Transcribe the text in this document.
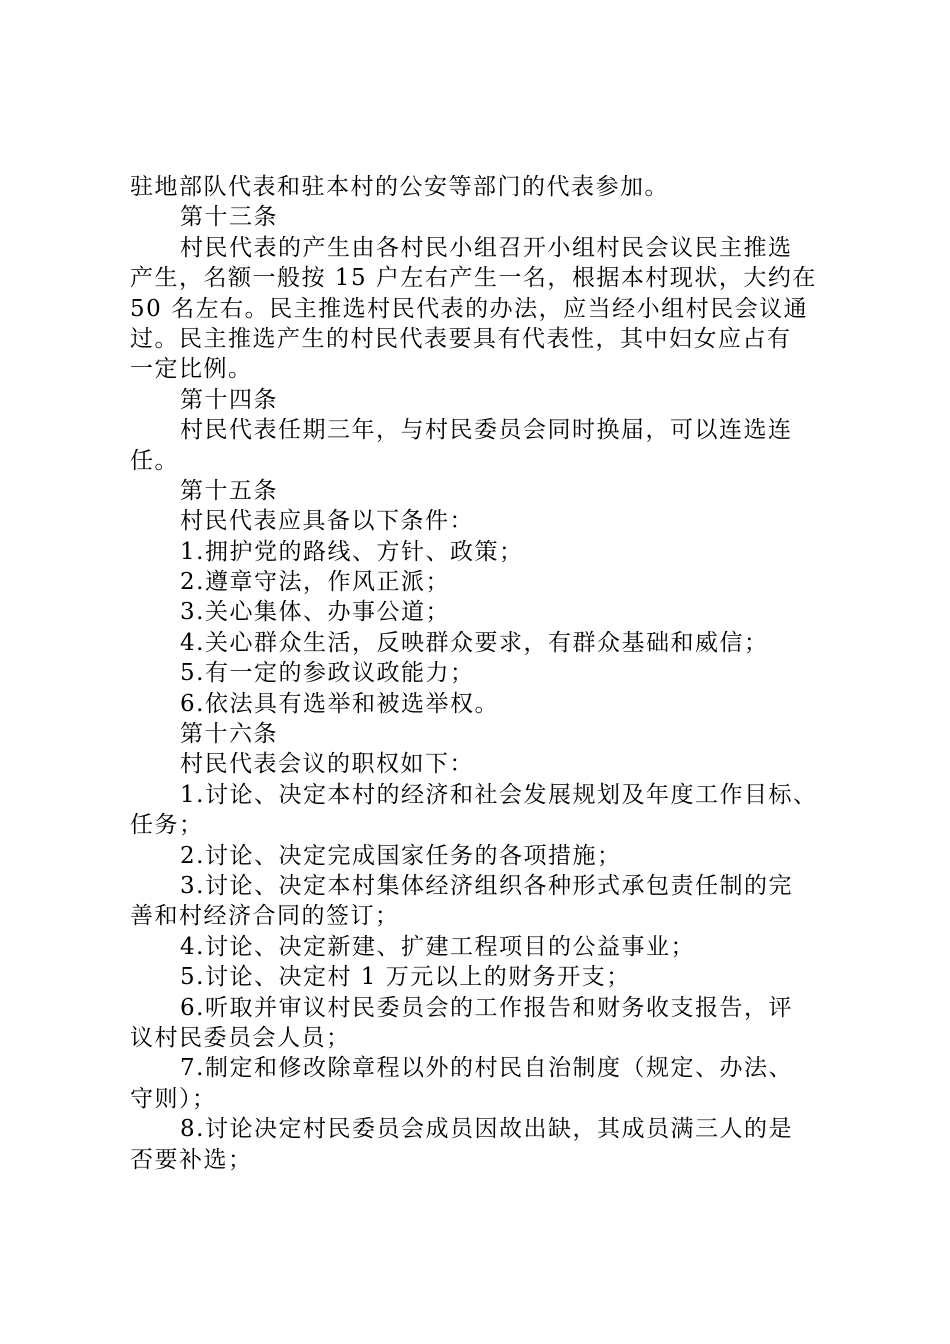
驻地部队代表和驻本村的公安等部门的代表参加。
第十三条
村民代表的产生由各村民小组召开小组村民会议民主推选
产生，名额一般按 15 户左右产生一名，根据本村现状，大约在
50 名左右。民主推选村民代表的办法，应当经小组村民会议通
过。民主推选产生的村民代表要具有代表性，其中妇女应占有
一定比例。
第十四条
村民代表任期三年，与村民委员会同时换届，可以连选连
任。
第十五条
村民代表应具备以下条件：
1.拥护党的路线、方针、政策；
2.遵章守法，作风正派；
3.关心集体、办事公道；
4.关心群众生活，反映群众要求，有群众基础和威信；
5.有一定的参政议政能力；
6.依法具有选举和被选举权。
第十六条
村民代表会议的职权如下：
1.讨论、决定本村的经济和社会发展规划及年度工作目标、
任务；
2.讨论、决定完成国家任务的各项措施；
3.讨论、决定本村集体经济组织各种形式承包责任制的完
善和村经济合同的签订；
4.讨论、决定新建、扩建工程项目的公益事业；
5.讨论、决定村 1 万元以上的财务开支；
6.听取并审议村民委员会的工作报告和财务收支报告，评
议村民委员会人员；
7.制定和修改除章程以外的村民自治制度（规定、办法、
守则）；
8.讨论决定村民委员会成员因故出缺，其成员满三人的是
否要补选；
